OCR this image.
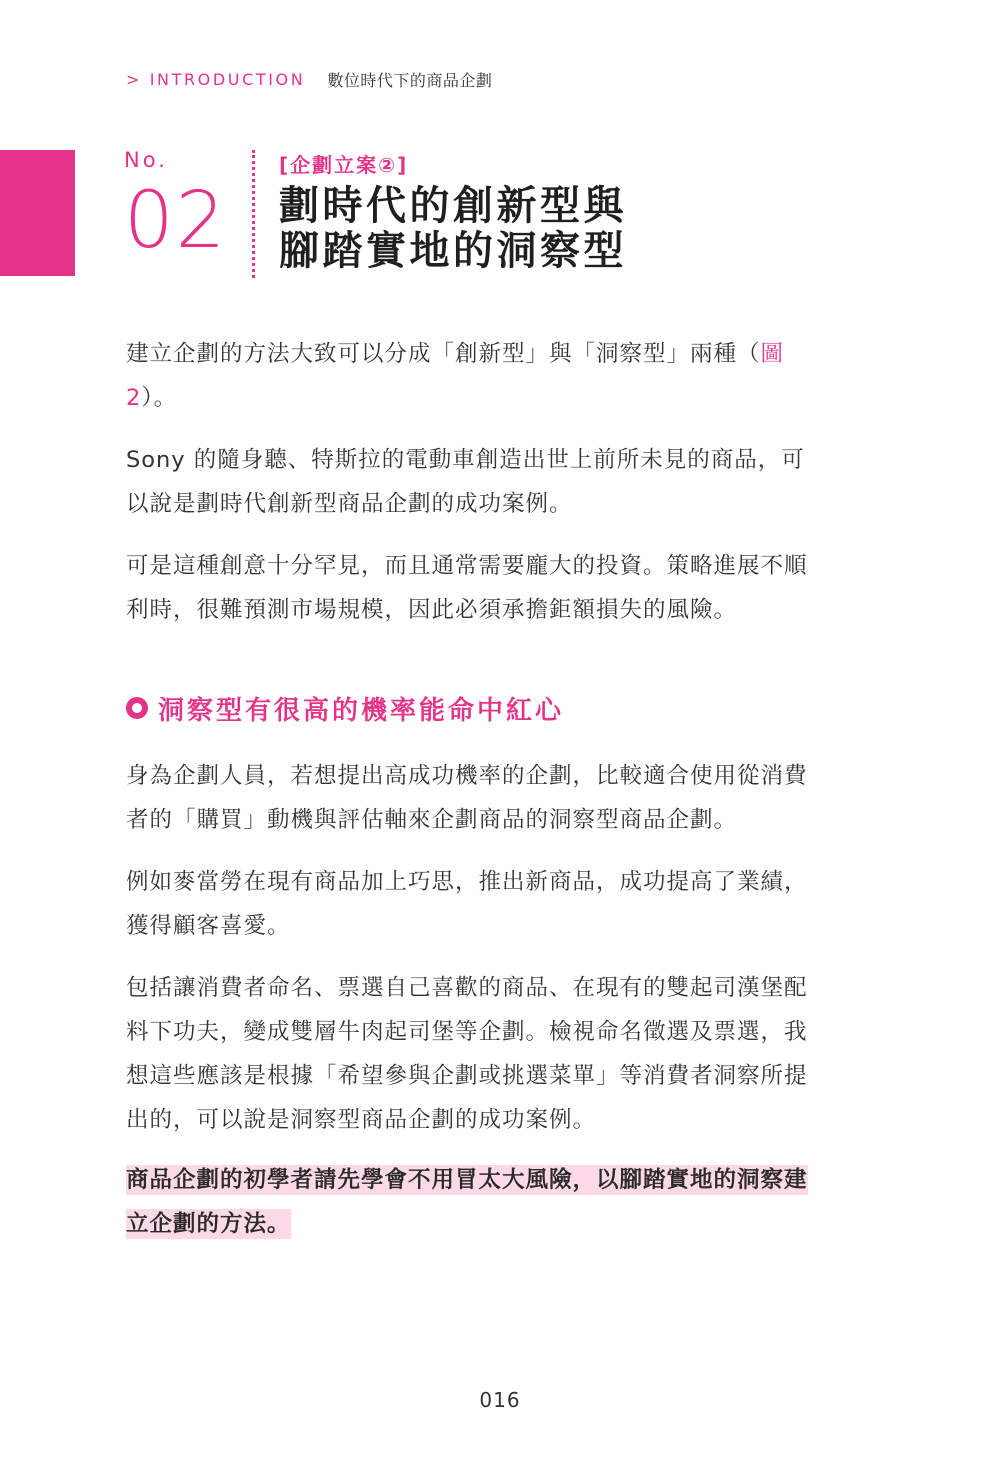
> INTRODUCTION 數位時代下的商品企劃
No.
02
[企劃立案②]
劃時代的創新型與
腳踏實地的洞察型

建立企劃的方法大致可以分成「創新型」與「洞察型」兩種（圖

2）。

Sony 的隨身聽、特斯拉的電動車創造出世上前所未見的商品，可

以說是劃時代創新型商品企劃的成功案例。

可是這種創意十分罕見，而且通常需要龐大的投資。策略進展不順

利時，很難預測市場規模，因此必須承擔鉅額損失的風險。

洞察型有很高的機率能命中紅心

身為企劃人員，若想提出高成功機率的企劃，比較適合使用從消費

者的「購買」動機與評估軸來企劃商品的洞察型商品企劃。

例如麥當勞在現有商品加上巧思，推出新商品，成功提高了業績，

獲得顧客喜愛。

包括讓消費者命名、票選自己喜歡的商品、在現有的雙起司漢堡配

料下功夫，變成雙層牛肉起司堡等企劃。檢視命名徵選及票選，我

想這些應該是根據「希望參與企劃或挑選菜單」等消費者洞察所提

出的，可以說是洞察型商品企劃的成功案例。

商品企劃的初學者請先學會不用冒太大風險，以腳踏實地的洞察建

立企劃的方法。

016
